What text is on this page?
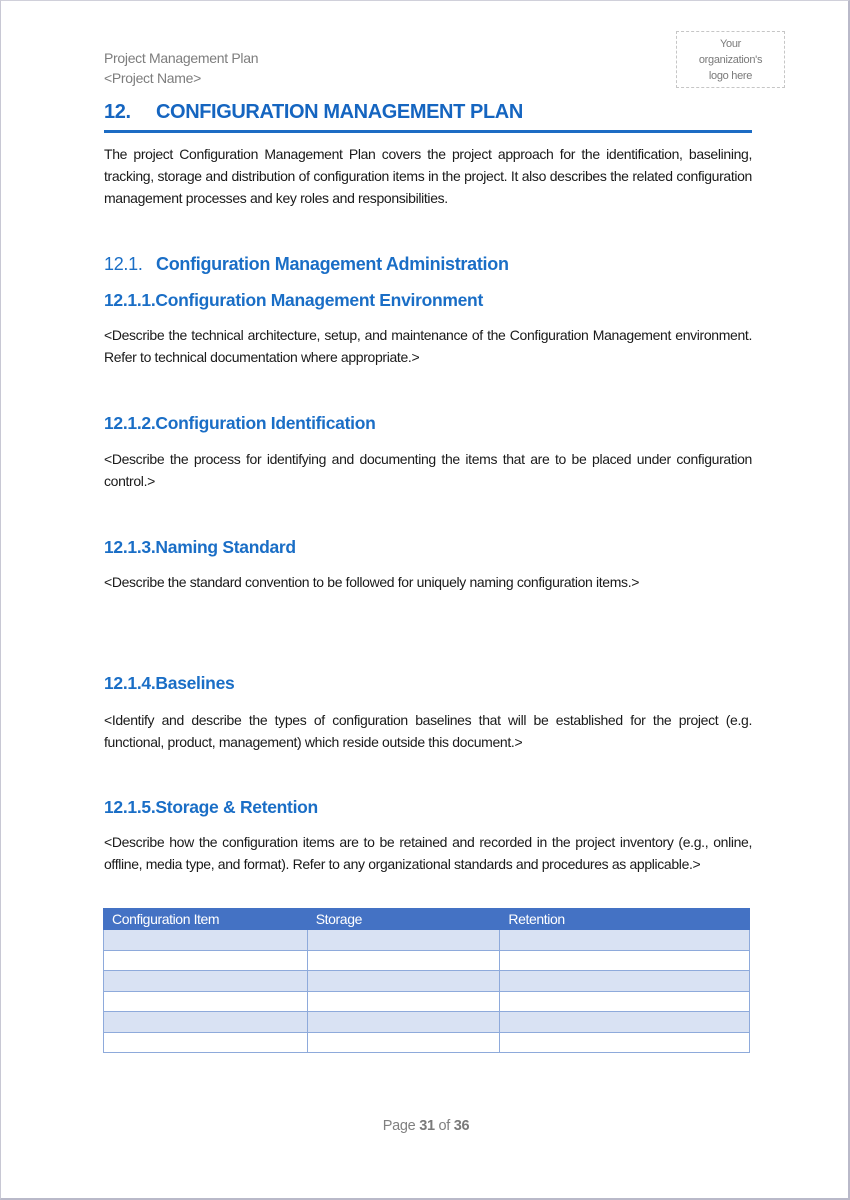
Project Management Plan
<Project Name>
Your
organization's
logo here
12. CONFIGURATION MANAGEMENT PLAN
The project Configuration Management Plan covers the project approach for the identification, baselining, tracking, storage and distribution of configuration items in the project. It also describes the related configuration management processes and key roles and responsibilities.
12.1. Configuration Management Administration
12.1.1.Configuration Management Environment
<Describe the technical architecture, setup, and maintenance of the Configuration Management environment. Refer to technical documentation where appropriate.>
12.1.2.Configuration Identification
<Describe the process for identifying and documenting the items that are to be placed under configuration control.>
12.1.3.Naming Standard
<Describe the standard convention to be followed for uniquely naming configuration items.>
12.1.4.Baselines
<Identify and describe the types of configuration baselines that will be established for the project (e.g. functional, product, management) which reside outside this document.>
12.1.5.Storage & Retention
<Describe how the configuration items are to be retained and recorded in the project inventory (e.g., online, offline, media type, and format). Refer to any organizational standards and procedures as applicable.>
Configuration Item	Storage	Retention

Page 31 of 36
